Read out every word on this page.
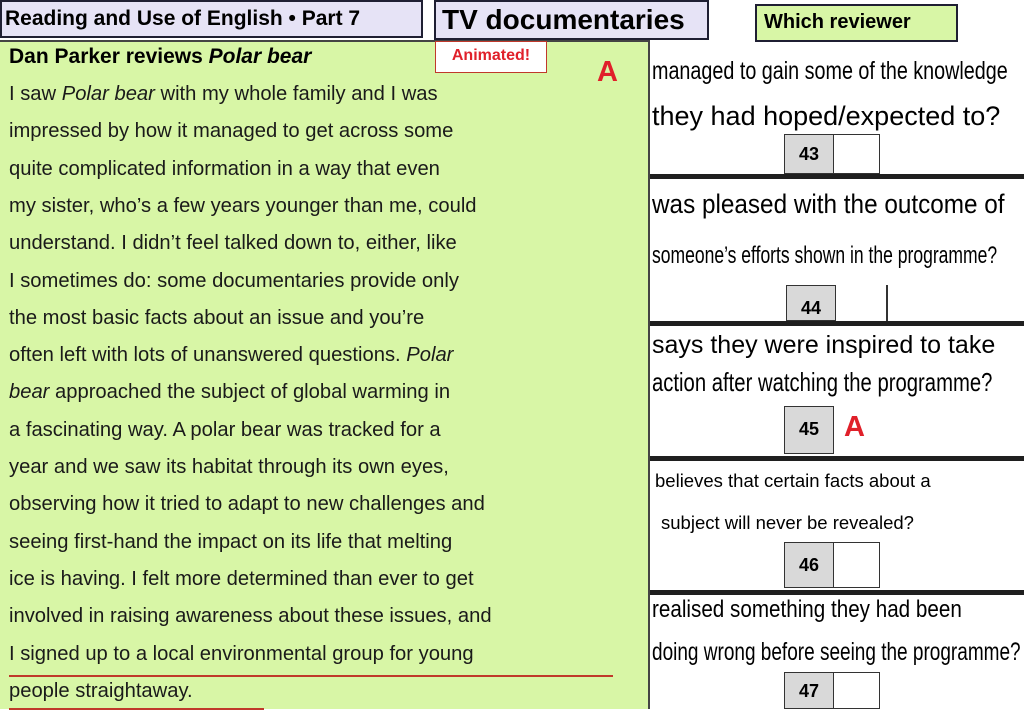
Reading and Use of English • Part 7	TV documentaries	Which reviewer
Dan Parker reviews Polar bear	Animated!
A
I saw Polar bear with my whole family and I was
impressed by how it managed to get across some
quite complicated information in a way that even
my sister, who’s a few years younger than me, could
understand. I didn’t feel talked down to, either, like
I sometimes do: some documentaries provide only
the most basic facts about an issue and you’re
often left with lots of unanswered questions. Polar
bear approached the subject of global warming in
a fascinating way. A polar bear was tracked for a
year and we saw its habitat through its own eyes,
observing how it tried to adapt to new challenges and
seeing first-hand the impact on its life that melting
ice is having. I felt more determined than ever to get
involved in raising awareness about these issues, and
I signed up to a local environmental group for young
people straightaway.
managed to gain some of the knowledge
they had hoped/expected to?
43
was pleased with the outcome of
someone’s efforts shown in the programme?
44
says they were inspired to take
action after watching the programme?
45 A
believes that certain facts about a
subject will never be revealed?
46
realised something they had been
doing wrong before seeing the programme?
47
